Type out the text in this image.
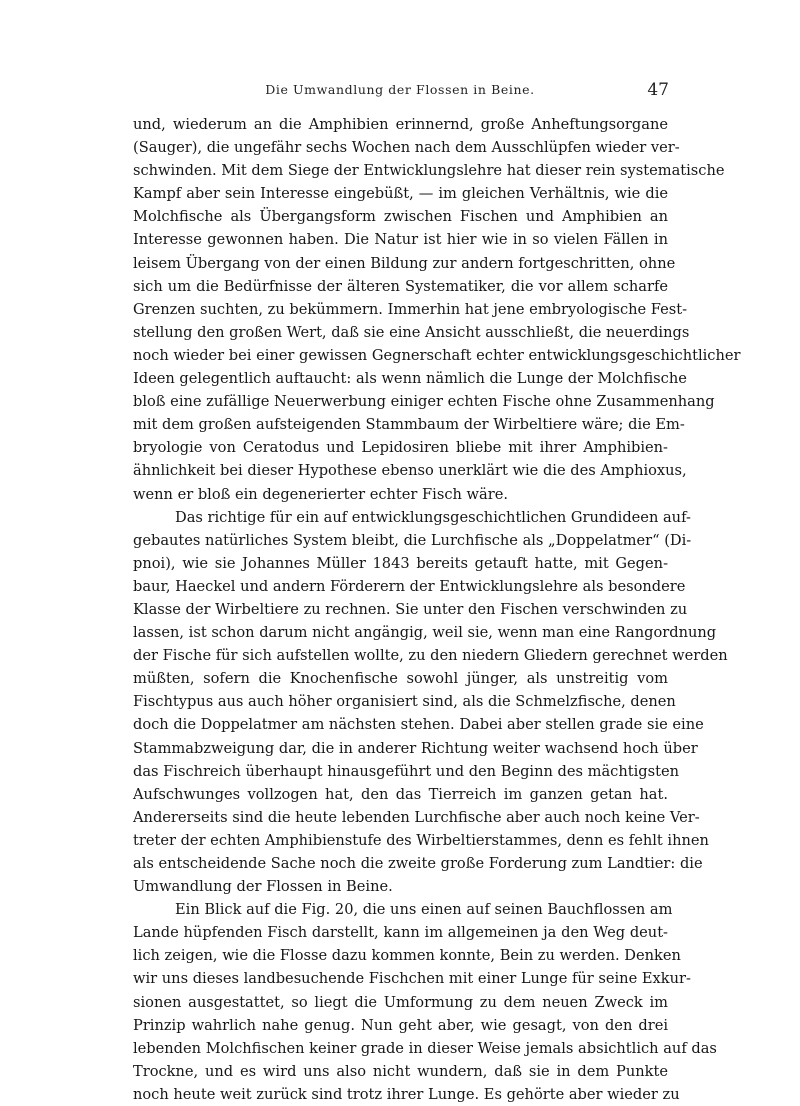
Die Umwandlung der Flossen in Beine.	47
und, wiederum an die Amphibien erinnernd, große Anheftungsorgane
(Sauger), die ungefähr sechs Wochen nach dem Ausschlüpfen wieder ver-
schwinden. Mit dem Siege der Entwicklungslehre hat dieser rein systematische
Kampf aber sein Interesse eingebüßt, — im gleichen Verhältnis, wie die
Molchfische als Übergangsform zwischen Fischen und Amphibien an
Interesse gewonnen haben. Die Natur ist hier wie in so vielen Fällen in
leisem Übergang von der einen Bildung zur andern fortgeschritten, ohne
sich um die Bedürfnisse der älteren Systematiker, die vor allem scharfe
Grenzen suchten, zu bekümmern. Immerhin hat jene embryologische Fest-
stellung den großen Wert, daß sie eine Ansicht ausschließt, die neuerdings
noch wieder bei einer gewissen Gegnerschaft echter entwicklungsgeschichtlicher
Ideen gelegentlich auftaucht: als wenn nämlich die Lunge der Molchfische
bloß eine zufällige Neuerwerbung einiger echten Fische ohne Zusammenhang
mit dem großen aufsteigenden Stammbaum der Wirbeltiere wäre; die Em-
bryologie von Ceratodus und Lepidosiren bliebe mit ihrer Amphibien-
ähnlichkeit bei dieser Hypothese ebenso unerklärt wie die des Amphioxus,
wenn er bloß ein degenerierter echter Fisch wäre.
Das richtige für ein auf entwicklungsgeschichtlichen Grundideen auf-
gebautes natürliches System bleibt, die Lurchfische als „Doppelatmer“ (Di-
pnoi), wie sie Johannes Müller 1843 bereits getauft hatte, mit Gegen-
baur, Haeckel und andern Förderern der Entwicklungslehre als besondere
Klasse der Wirbeltiere zu rechnen. Sie unter den Fischen verschwinden zu
lassen, ist schon darum nicht angängig, weil sie, wenn man eine Rangordnung
der Fische für sich aufstellen wollte, zu den niedern Gliedern gerechnet werden
müßten, sofern die Knochenfische sowohl jünger, als unstreitig vom
Fischtypus aus auch höher organisiert sind, als die Schmelzfische, denen
doch die Doppelatmer am nächsten stehen. Dabei aber stellen grade sie eine
Stammabzweigung dar, die in anderer Richtung weiter wachsend hoch über
das Fischreich überhaupt hinausgeführt und den Beginn des mächtigsten
Aufschwunges vollzogen hat, den das Tierreich im ganzen getan hat.
Andererseits sind die heute lebenden Lurchfische aber auch noch keine Ver-
treter der echten Amphibienstufe des Wirbeltierstammes, denn es fehlt ihnen
als entscheidende Sache noch die zweite große Forderung zum Landtier: die
Umwandlung der Flossen in Beine.
Ein Blick auf die Fig. 20, die uns einen auf seinen Bauchflossen am
Lande hüpfenden Fisch darstellt, kann im allgemeinen ja den Weg deut-
lich zeigen, wie die Flosse dazu kommen konnte, Bein zu werden. Denken
wir uns dieses landbesuchende Fischchen mit einer Lunge für seine Exkur-
sionen ausgestattet, so liegt die Umformung zu dem neuen Zweck im
Prinzip wahrlich nahe genug. Nun geht aber, wie gesagt, von den drei
lebenden Molchfischen keiner grade in dieser Weise jemals absichtlich auf das
Trockne, und es wird uns also nicht wundern, daß sie in dem Punkte
noch heute weit zurück sind trotz ihrer Lunge. Es gehörte aber wieder zu
